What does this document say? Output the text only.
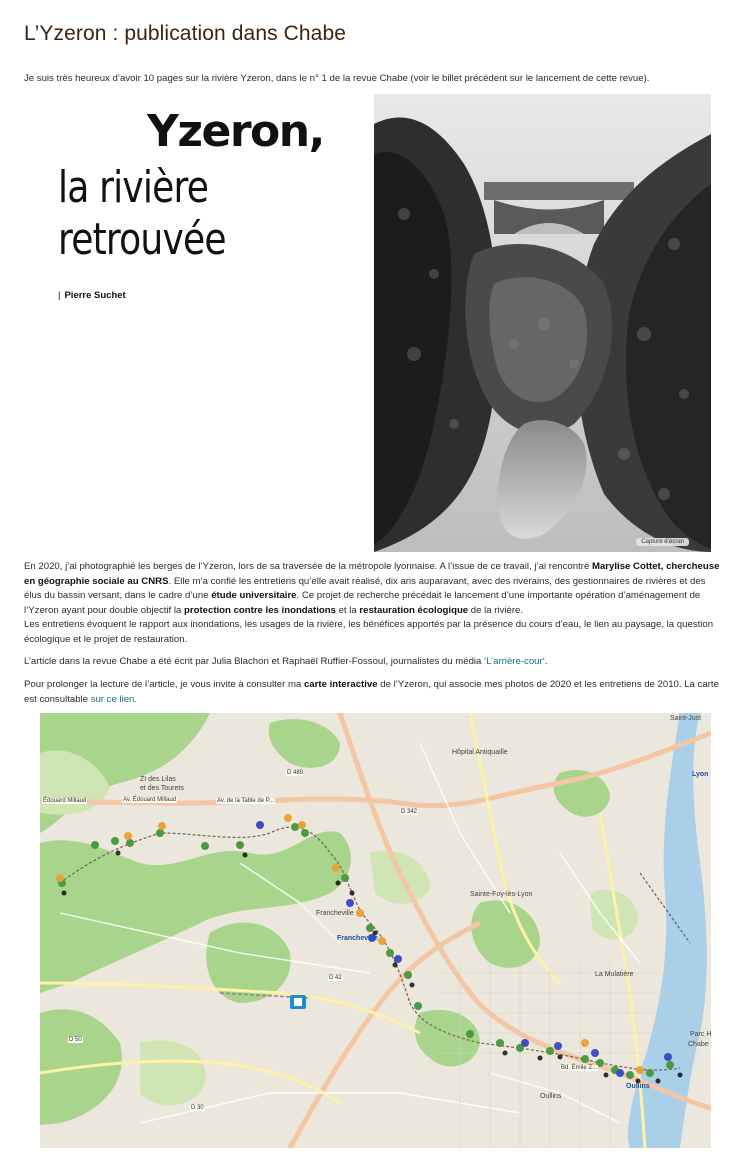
L’Yzeron : publication dans Chabe

Je suis très heureux d’avoir 10 pages sur la rivière Yzeron, dans le n° 1 de la revue Chabe (voir le billet précédent sur le lancement de cette revue).

Yzeron,
la rivière
retrouvée
| Pierre Suchet
Capture d’écran

En 2020, j’ai photographié les berges de l’Yzeron, lors de sa traversée de la métropole lyonnaise. A l’issue de ce travail, j’ai rencontré Marylise Cottet, chercheuse en géographie sociale au CNRS. Elle m’a confié les entretiens qu’elle avait réalisé, dix ans auparavant, avec des riverains, des gestionnaires de rivières et des élus du bassin versant, dans le cadre d’une étude universitaire. Ce projet de recherche précédait le lancement d’une importante opération d’aménagement de l’Yzeron ayant pour double objectif la protection contre les inondations et la restauration écologique de la rivière.
Les entretiens évoquent le rapport aux inondations, les usages de la rivière, les bénéfices apportés par la présence du cours d’eau, le lien au paysage, la question écologique et le projet de restauration.

L’article dans la revue Chabe a été écrit par Julia Blachon et Raphaël Ruffier-Fossoul, journalistes du média ‘L’arrière-cour‘.

Pour prolonger la lecture de l’article, je vous invite à consulter ma carte interactive de l’Yzeron, qui associe mes photos de 2020 et les entretiens de 2010. La carte est consultable sur ce lien.

ZI des Lilas
et des Tourets
Édouard Millaud	Av. Édouard Millaud	Av. de la Table de P...
Francheville
Francheville
Sainte-Foy-lès-Lyon
La Mulatière
Oullins
Oullins
Lyon
Saint-Just
Chabe
Parc H
Hôpital Antiquaille
Bd. Émile Z...
D 489
D 42
D 50
D 342
D 30
